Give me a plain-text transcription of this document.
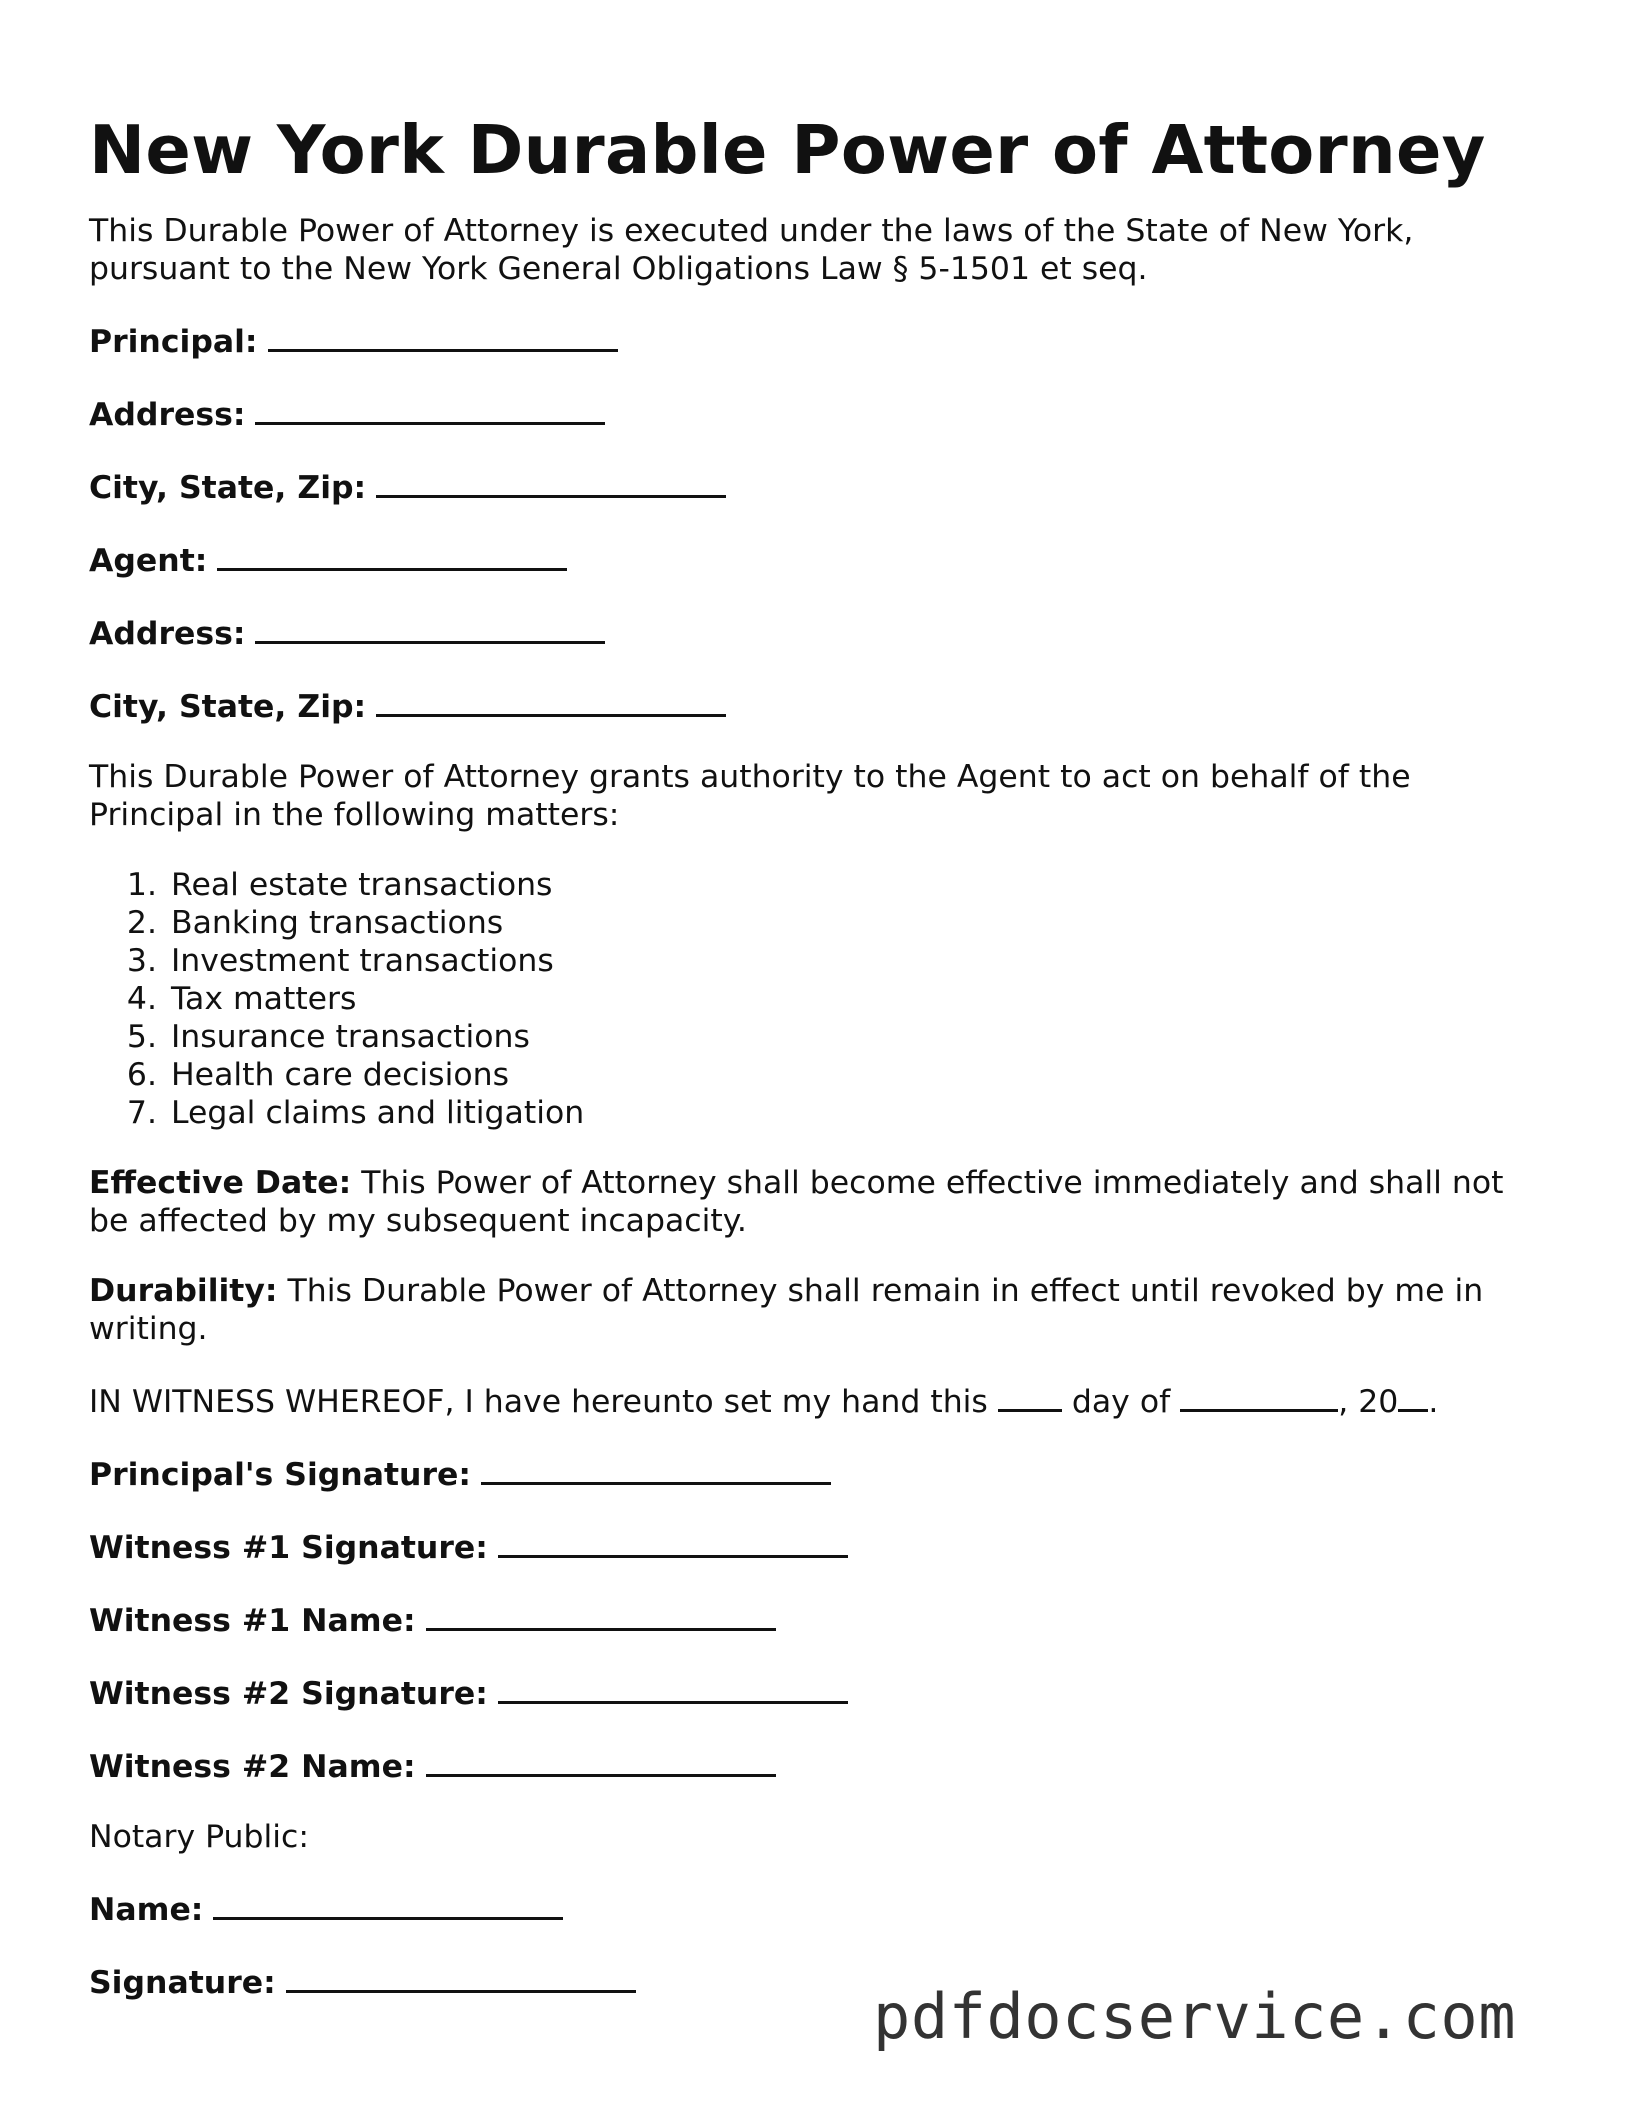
New York Durable Power of Attorney

This Durable Power of Attorney is executed under the laws of the State of New York, pursuant to the New York General Obligations Law § 5-1501 et seq.

Principal:
Address:
City, State, Zip:
Agent:
Address:
City, State, Zip:

This Durable Power of Attorney grants authority to the Agent to act on behalf of the Principal in the following matters:

1. Real estate transactions
2. Banking transactions
3. Investment transactions
4. Tax matters
5. Insurance transactions
6. Health care decisions
7. Legal claims and litigation

Effective Date: This Power of Attorney shall become effective immediately and shall not be affected by my subsequent incapacity.

Durability: This Durable Power of Attorney shall remain in effect until revoked by me in writing.

IN WITNESS WHEREOF, I have hereunto set my hand this  day of	, 20 .

Principal's Signature:
Witness #1 Signature:
Witness #1 Name:
Witness #2 Signature:
Witness #2 Name:

Notary Public:

Name:
Signature:	pdfdocservice.com
